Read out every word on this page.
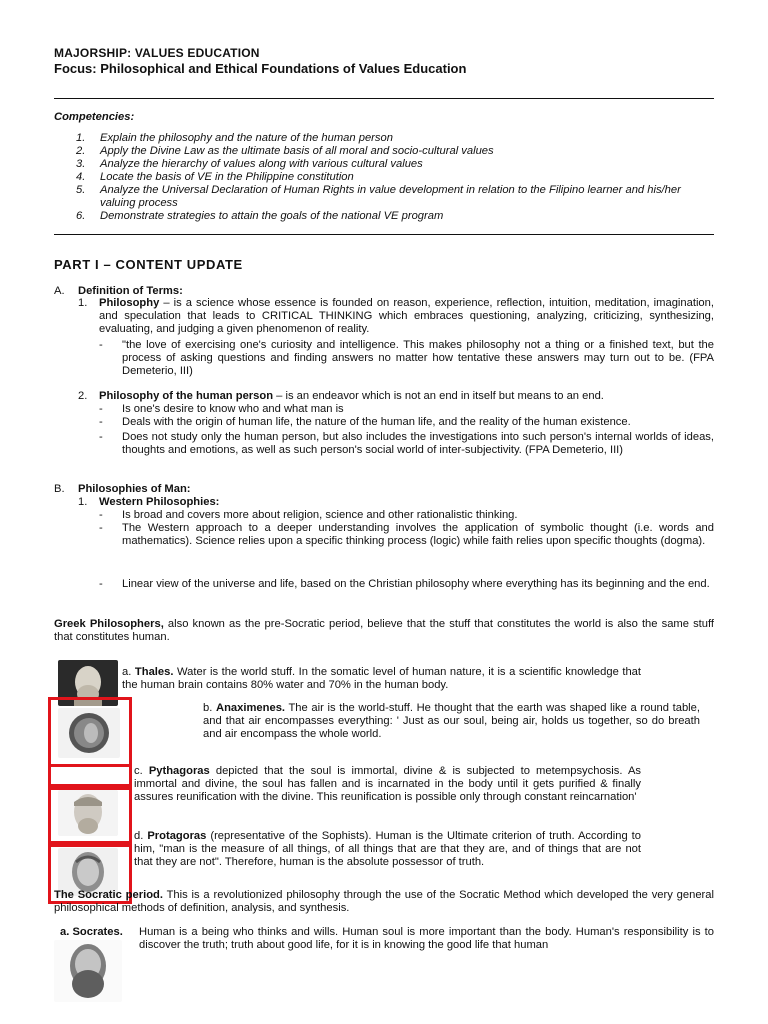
MAJORSHIP: VALUES EDUCATION
Focus: Philosophical and Ethical Foundations of Values Education
Competencies:
1. Explain the philosophy and the nature of the human person
2. Apply the Divine Law as the ultimate basis of all moral and socio-cultural values
3. Analyze the hierarchy of values along with various cultural values
4. Locate the basis of VE in the Philippine constitution
5. Analyze the Universal Declaration of Human Rights in value development in relation to the Filipino learner and his/her valuing process
6. Demonstrate strategies to attain the goals of the national VE program
PART I – CONTENT UPDATE
A. Definition of Terms:
1. Philosophy – is a science whose essence is founded on reason, experience, reflection, intuition, meditation, imagination, and speculation that leads to CRITICAL THINKING which embraces questioning, analyzing, criticizing, synthesizing, evaluating, and judging a given phenomenon of reality.
- "the love of exercising one's curiosity and intelligence. This makes philosophy not a thing or a finished text, but the process of asking questions and finding answers no matter how tentative these answers may turn out to be. (FPA Demeterio, III)
2. Philosophy of the human person – is an endeavor which is not an end in itself but means to an end.
- Is one's desire to know who and what man is
- Deals with the origin of human life, the nature of the human life, and the reality of the human existence.
- Does not study only the human person, but also includes the investigations into such person's internal worlds of ideas, thoughts and emotions, as well as such person's social world of inter-subjectivity. (FPA Demeterio, III)
B. Philosophies of Man:
1. Western Philosophies:
- Is broad and covers more about religion, science and other rationalistic thinking.
- The Western approach to a deeper understanding involves the application of symbolic thought (i.e. words and mathematics). Science relies upon a specific thinking process (logic) while faith relies upon specific thoughts (dogma).
- Linear view of the universe and life, based on the Christian philosophy where everything has its beginning and the end.
Greek Philosophers, also known as the pre-Socratic period, believe that the stuff that constitutes the world is also the same stuff that constitutes human.
a. Thales. Water is the world stuff. In the somatic level of human nature, it is a scientific knowledge that the human brain contains 80% water and 70% in the human body.
b. Anaximenes. The air is the world-stuff. He thought that the earth was shaped like a round table, and that air encompasses everything: ' Just as our soul, being air, holds us together, so do breath and air encompass the whole world.
c. Pythagoras depicted that the soul is immortal, divine & is subjected to metempsychosis. As immortal and divine, the soul has fallen and is incarnated in the body until it gets purified & finally assures reunification with the divine. This reunification is possible only through constant reincarnation'
d. Protagoras (representative of the Sophists). Human is the Ultimate criterion of truth. According to him, "man is the measure of all things, of all things that are that they are, and of things that are not that they are not". Therefore, human is the absolute possessor of truth.
The Socratic period. This is a revolutionized philosophy through the use of the Socratic Method which developed the very general philosophical methods of definition, analysis, and synthesis.
a. Socrates. Human is a being who thinks and wills. Human soul is more important than the body. Human's responsibility is to discover the truth; truth about good life, for it is in knowing the good life that human
